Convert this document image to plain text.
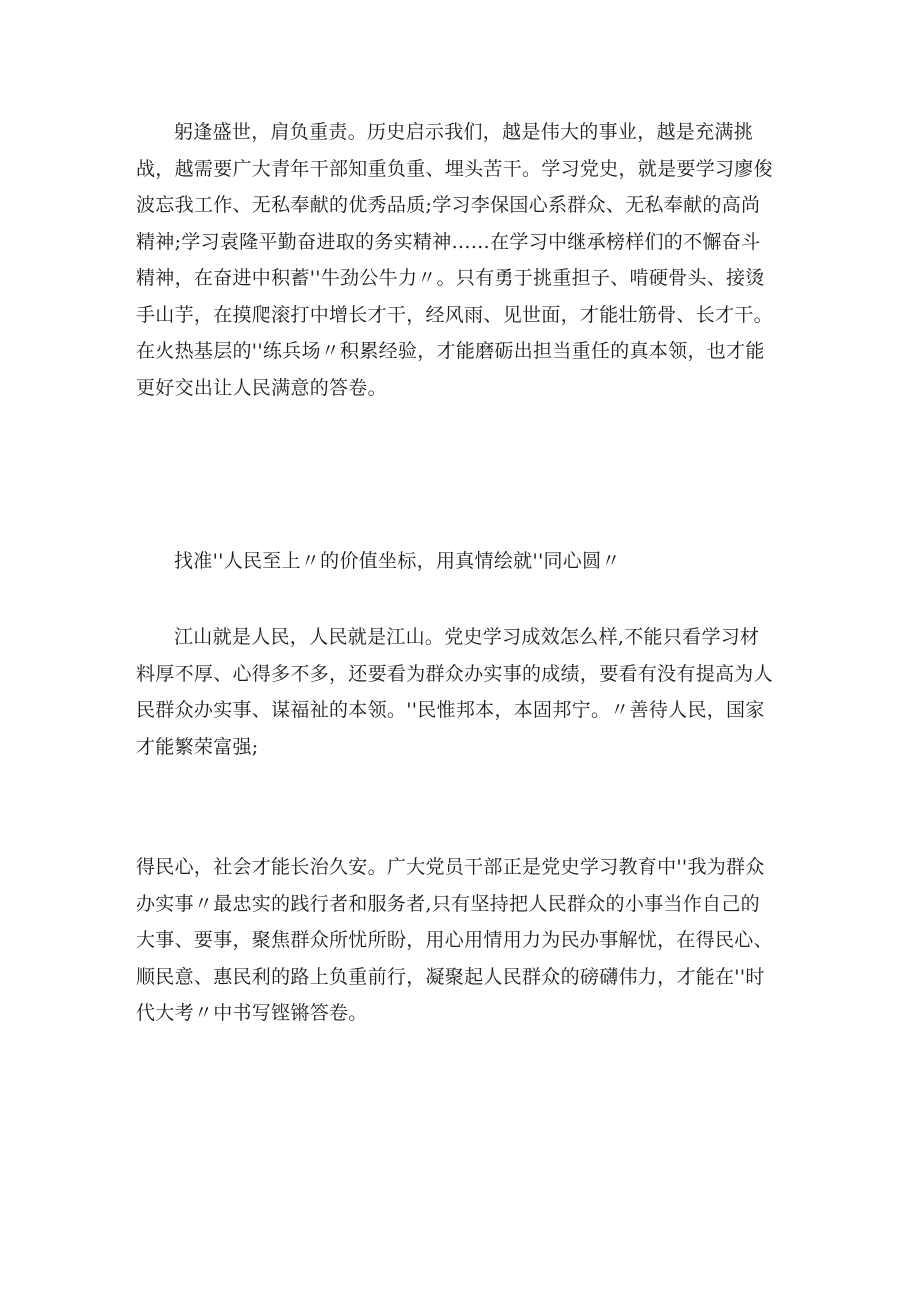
躬逢盛世，肩负重责。历史启示我们，越是伟大的事业，越是充满挑
战，越需要广大青年干部知重负重、埋头苦干。学习党史，就是要学习廖俊
波忘我工作、无私奉献的优秀品质;学习李保国心系群众、无私奉献的高尚
精神;学习袁隆平勤奋进取的务实精神……在学习中继承榜样们的不懈奋斗
精神，在奋进中积蓄''牛劲公牛力〃。只有勇于挑重担子、啃硬骨头、接烫
手山芋，在摸爬滚打中增长才干，经风雨、见世面，才能壮筋骨、长才干。
在火热基层的''练兵场〃积累经验，才能磨砺出担当重任的真本领，也才能
更好交出让人民满意的答卷。
找准''人民至上〃的价值坐标，用真情绘就''同心圆〃
江山就是人民，人民就是江山。党史学习成效怎么样,不能只看学习材
料厚不厚、心得多不多，还要看为群众办实事的成绩，要看有没有提高为人
民群众办实事、谋福祉的本领。''民惟邦本，本固邦宁。〃善待人民，国家
才能繁荣富强;
得民心，社会才能长治久安。广大党员干部正是党史学习教育中''我为群众
办实事〃最忠实的践行者和服务者,只有坚持把人民群众的小事当作自己的
大事、要事，聚焦群众所忧所盼，用心用情用力为民办事解忧，在得民心、
顺民意、惠民利的路上负重前行，凝聚起人民群众的磅礴伟力，才能在''时
代大考〃中书写铿锵答卷。
